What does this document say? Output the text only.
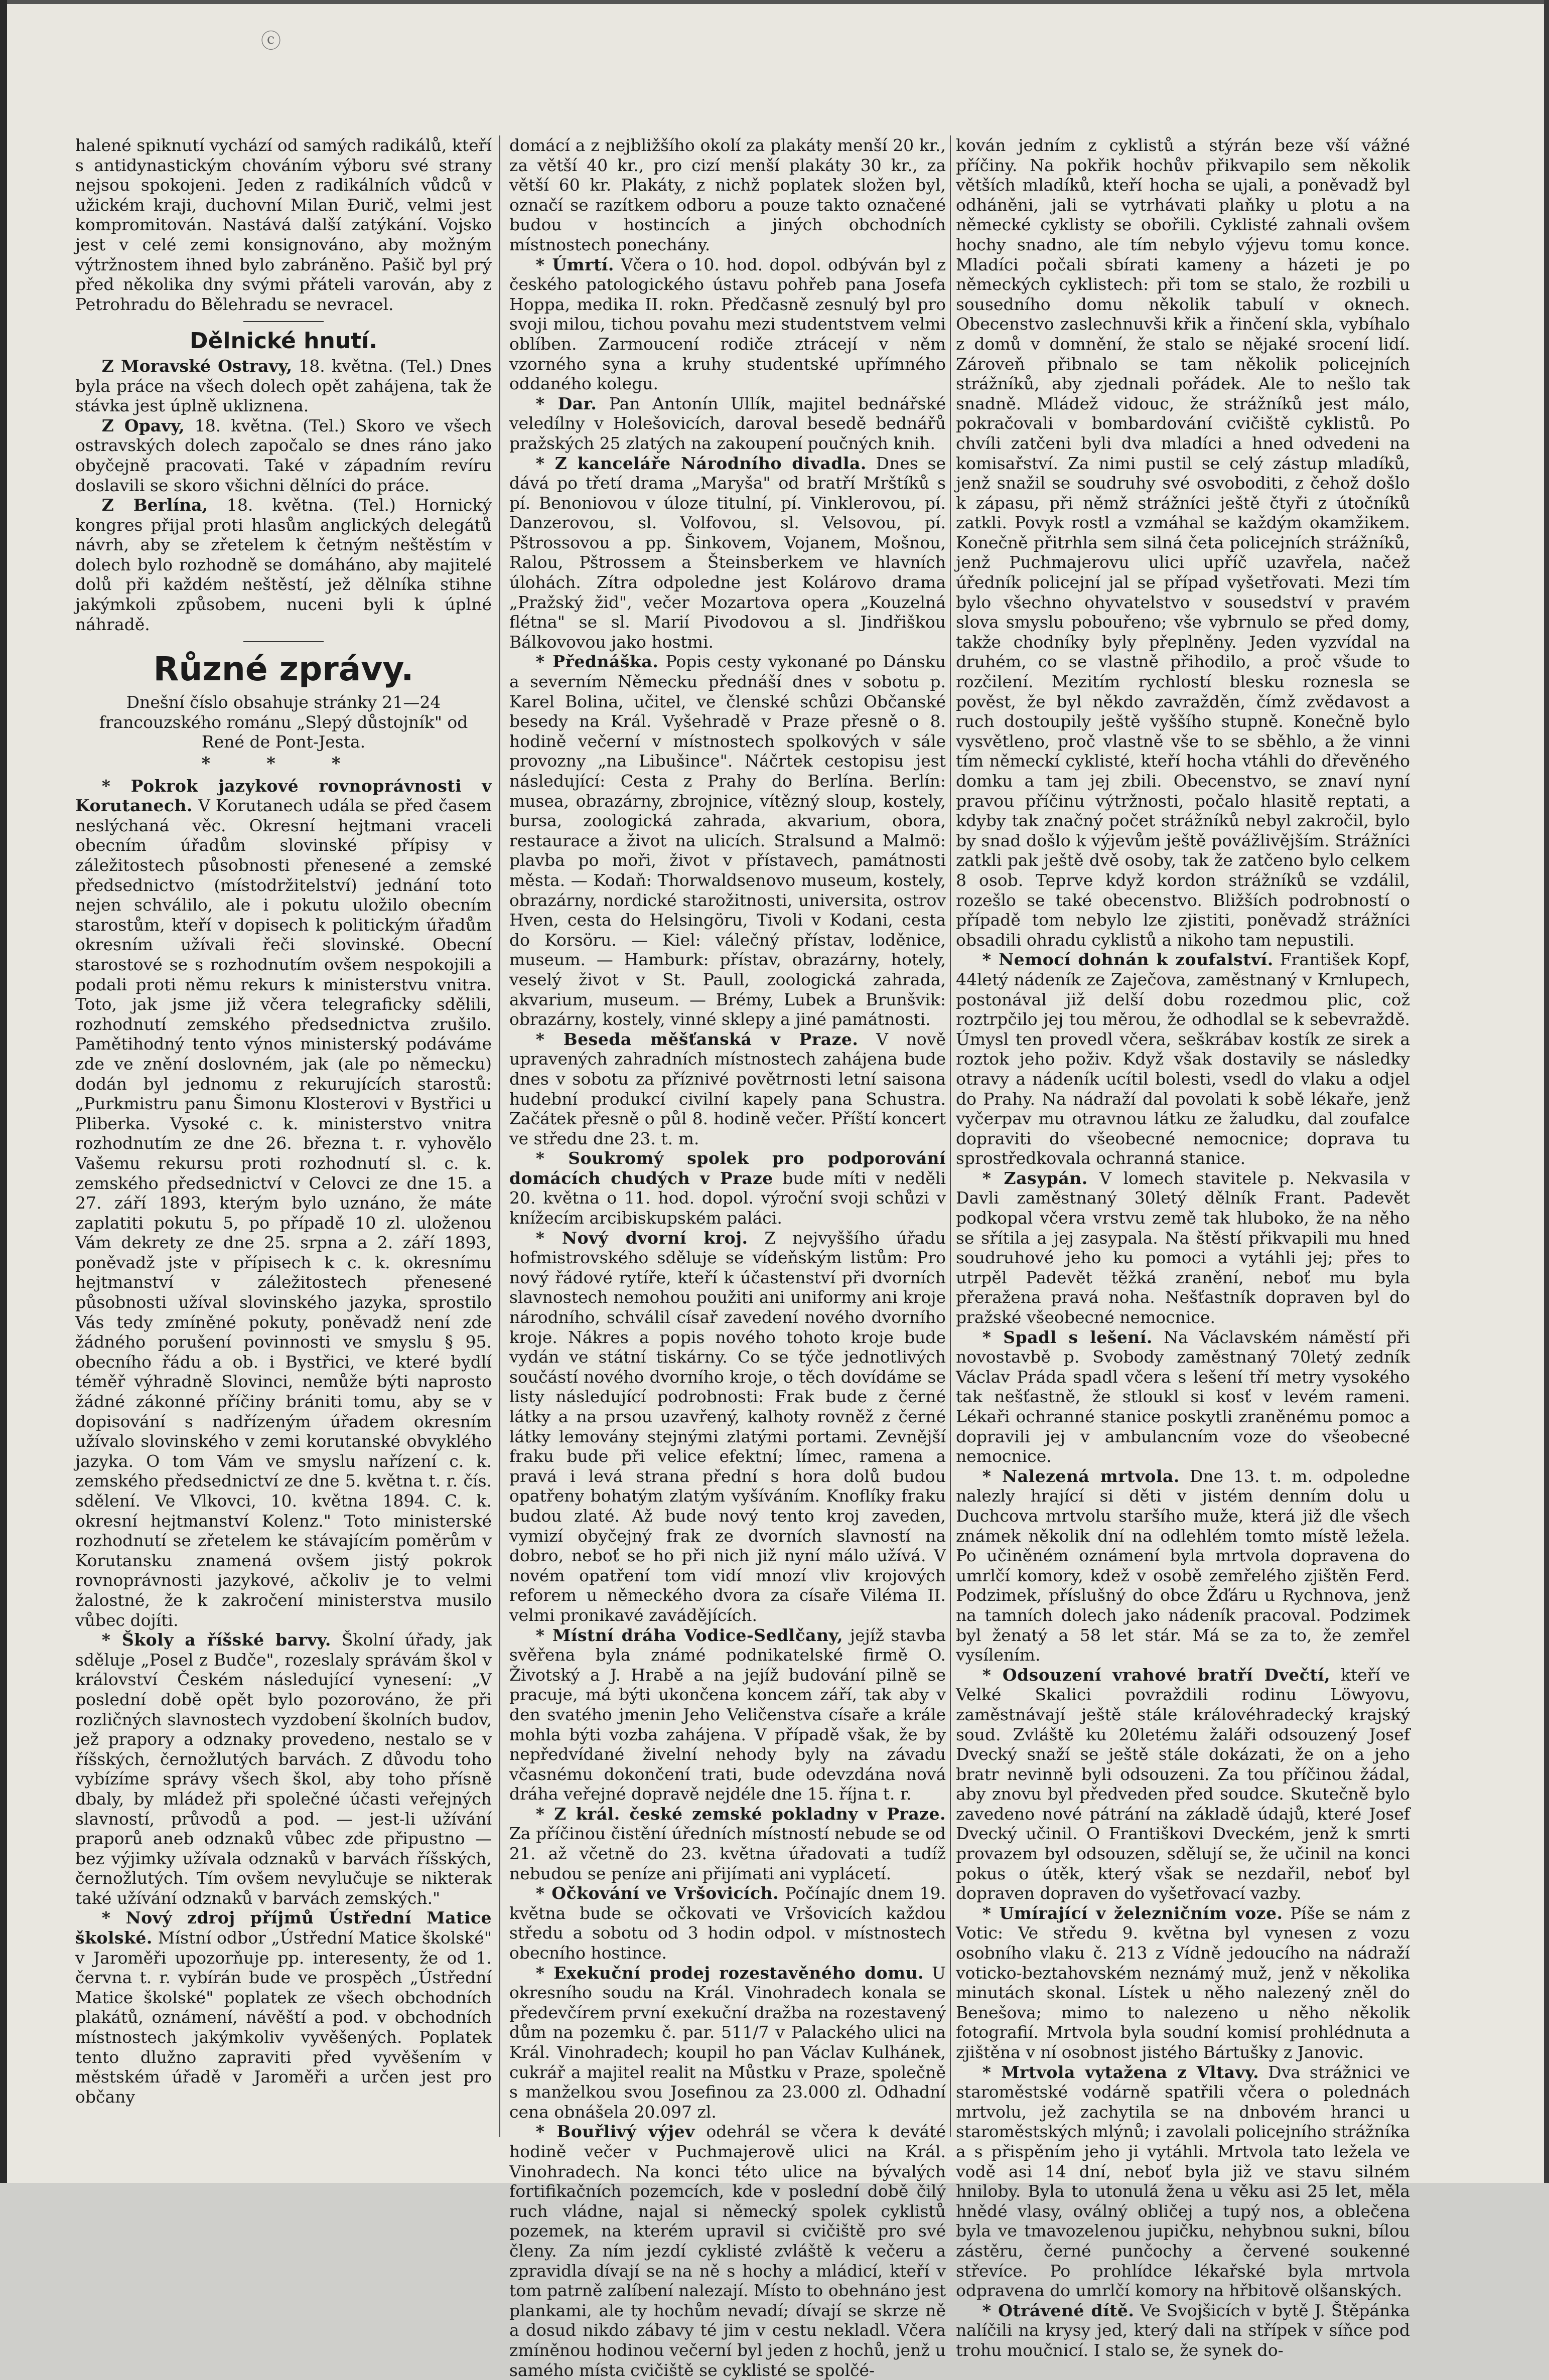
ⓒ

halené spiknutí vychází od samých radikálů, kteří s antidynastickým chováním výboru své strany nejsou spokojeni. Jeden z radikálních vůdců v užickém kraji, duchovní Milan Đurič, velmi jest kompromitován. Nastává další zatýkání. Vojsko jest v celé zemi konsignováno, aby možným výtržnostem ihned bylo zabráněno. Pašič byl prý před několika dny svými přáteli varován, aby z Petrohradu do Bělehradu se nevracel.

Dělnické hnutí.

Z Moravské Ostravy, 18. května. (Tel.) Dnes byla práce na všech dolech opět zahájena, tak že stávka jest úplně ukliznena.

Z Opavy, 18. května. (Tel.) Skoro ve všech ostravských dolech započalo se dnes ráno jako obyčejně pracovati. Také v západním revíru doslavili se skoro všichni dělníci do práce.

Z Berlína, 18. května. (Tel.) Hornický kongres přijal proti hlasům anglických delegátů návrh, aby se zřetelem k četným neštěstím v dolech bylo rozhodně se domáháno, aby majitelé dolů při každém neštěstí, jež dělníka stihne jakýmkoli způsobem, nuceni byli k úplné náhradě.

Různé zprávy.

Dnešní číslo obsahuje stránky 21—24 francouzského románu „Slepý důstojník" od René de Pont-Jesta.

* * *

* Pokrok jazykové rovnoprávnosti v Korutanech. V Korutanech udála se před časem neslýchaná věc. Okresní hejtmani vraceli obecním úřadům slovinské přípisy v záležitostech působnosti přenesené a zemské předsednictvo (místodržitelství) jednání toto nejen schválilo, ale i pokutu uložilo obecním starostům, kteří v dopisech k politickým úřadům okresním užívali řeči slovinské. Obecní starostové se s rozhodnutím ovšem nespokojili a podali proti němu rekurs k ministerstvu vnitra. Toto, jak jsme již včera telegraficky sdělili, rozhodnutí zemského předsednictva zrušilo. Pamětihodný tento výnos ministerský podáváme zde ve znění doslovném, jak (ale po německu) dodán byl jednomu z rekurujících starostů: „Purkmistru panu Šimonu Klosterovi v Bystřici u Pliberka. Vysoké c. k. ministerstvo vnitra rozhodnutím ze dne 26. března t. r. vyhovělo Vašemu rekursu proti rozhodnutí sl. c. k. zemského předsednictví v Celovci ze dne 15. a 27. září 1893, kterým bylo uznáno, že máte zaplatiti pokutu 5, po případě 10 zl. uloženou Vám dekrety ze dne 25. srpna a 2. září 1893, poněvadž jste v přípisech k c. k. okresnímu hejtmanství v záležitostech přenesené působnosti užíval slovinského jazyka, sprostilo Vás tedy zmíněné pokuty, poněvadž není zde žádného porušení povinnosti ve smyslu § 95. obecního řádu a ob. i Bystřici, ve které bydlí téměř výhradně Slovinci, nemůže býti naprosto žádné zákonné příčiny brániti tomu, aby se v dopisování s nadřízeným úřadem okresním užívalo slovinského v zemi korutanské obvyklého jazyka. O tom Vám ve smyslu nařízení c. k. zemského předsednictví ze dne 5. května t. r. čís. sdělení. Ve Vlkovci, 10. května 1894. C. k. okresní hejtmanství Kolenz." Toto ministerské rozhodnutí se zřetelem ke stávajícím poměrům v Korutansku znamená ovšem jistý pokrok rovnoprávnosti jazykové, ačkoliv je to velmi žalostné, že k zakročení ministerstva musilo vůbec dojíti.

* Školy a říšské barvy. Školní úřady, jak sděluje „Posel z Budče", rozeslaly správám škol v království Českém následující vynesení: „V poslední době opět bylo pozorováno, že při rozličných slavnostech vyzdobení školních budov, jež prapory a odznaky provedeno, nestalo se v říšských, černožlutých barvách. Z důvodu toho vybízíme správy všech škol, aby toho přísně dbaly, by mládež při společné účasti veřejných slavností, průvodů a pod. — jest-li užívání praporů aneb odznaků vůbec zde připustno — bez výjimky užívala odznaků v barvách říšských, černožlutých. Tím ovšem nevylučuje se nikterak také užívání odznaků v barvách zemských."

* Nový zdroj příjmů Ústřední Matice školské. Místní odbor „Ústřední Matice školské" v Jaroměři upozorňuje pp. interesenty, že od 1. června t. r. vybírán bude ve prospěch „Ústřední Matice školské" poplatek ze všech obchodních plakátů, oznámení, návěští a pod. v obchodních místnostech jakýmkoliv vyvěšených. Poplatek tento dlužno zapraviti před vyvěšením v městském úřadě v Jaroměři a určen jest pro občany

domácí a z nejbližšího okolí za plakáty menší 20 kr., za větší 40 kr., pro cizí menší plakáty 30 kr., za větší 60 kr. Plakáty, z nichž poplatek složen byl, označí se razítkem odboru a pouze takto označené budou v hostincích a jiných obchodních místnostech ponechány.

* Úmrtí. Včera o 10. hod. dopol. odbýván byl z českého patologického ústavu pohřeb pana Josefa Hoppa, medika II. rokn. Předčasně zesnulý byl pro svoji milou, tichou povahu mezi studentstvem velmi oblíben. Zarmoucení rodiče ztrácejí v něm vzorného syna a kruhy studentské upřímného oddaného kolegu.

* Dar. Pan Antonín Ullík, majitel bednářské veledílny v Holešovicích, daroval besedě bednářů pražských 25 zlatých na zakoupení poučných knih.

* Z kanceláře Národního divadla. Dnes se dává po třetí drama „Maryša" od bratří Mrštíků s pí. Benoniovou v úloze titulní, pí. Vinklerovou, pí. Danzerovou, sl. Volfovou, sl. Velsovou, pí. Pštrossovou a pp. Šinkovem, Vojanem, Mošnou, Ralou, Pštrossem a Šteinsberkem ve hlavních úlohách. Zítra odpoledne jest Kolárovo drama „Pražský žid", večer Mozartova opera „Kouzelná flétna" se sl. Marií Pivodovou a sl. Jindřiškou Bálkovovou jako hostmi.

* Přednáška. Popis cesty vykonané po Dánsku a severním Německu přednáší dnes v sobotu p. Karel Bolina, učitel, ve členské schůzi Občanské besedy na Král. Vyšehradě v Praze přesně o 8. hodině večerní v místnostech spolkových v sále provozny „na Libušince". Náčrtek cestopisu jest následující: Cesta z Prahy do Berlína. Berlín: musea, obrazárny, zbrojnice, vítězný sloup, kostely, bursa, zoologická zahrada, akvarium, obora, restaurace a život na ulicích. Stralsund a Malmö: plavba po moři, život v přístavech, památnosti města. — Kodaň: Thorwaldsenovo museum, kostely, obrazárny, nordické starožitnosti, universita, ostrov Hven, cesta do Helsingöru, Tivoli v Kodani, cesta do Korsöru. — Kiel: válečný přístav, loděnice, museum. — Hamburk: přístav, obrazárny, hotely, veselý život v St. Paull, zoologická zahrada, akvarium, museum. — Brémy, Lubek a Brunšvik: obrazárny, kostely, vinné sklepy a jiné památnosti.

* Beseda měšťanská v Praze. V nově upravených zahradních místnostech zahájena bude dnes v sobotu za příznivé povětrnosti letní saisona hudební produkcí civilní kapely pana Schustra. Začátek přesně o půl 8. hodině večer. Příští koncert ve středu dne 23. t. m.

* Soukromý spolek pro podporování domácích chudých v Praze bude míti v neděli 20. května o 11. hod. dopol. výroční svoji schůzi v knížecím arcibiskupském paláci.

* Nový dvorní kroj. Z nejvyššího úřadu hofmistrovského sděluje se vídeňským listům: Pro nový řádové rytíře, kteří k účastenství při dvorních slavnostech nemohou použiti ani uniformy ani kroje národního, schválil císař zavedení nového dvorního kroje. Nákres a popis nového tohoto kroje bude vydán ve státní tiskárny. Co se týče jednotlivých součástí nového dvorního kroje, o těch dovídáme se listy následující podrobnosti: Frak bude z černé látky a na prsou uzavřený, kalhoty rovněž z černé látky lemovány stejnými zlatými portami. Zevnější fraku bude při velice efektní; límec, ramena a pravá i levá strana přední s hora dolů budou opatřeny bohatým zlatým vyšíváním. Knoflíky fraku budou zlaté. Až bude nový tento kroj zaveden, vymizí obyčejný frak ze dvorních slavností na dobro, neboť se ho při nich již nyní málo užívá. V novém opatření tom vidí mnozí vliv krojových reforem u německého dvora za císaře Viléma II. velmi pronikavé zavádějících.

* Místní dráha Vodice-Sedlčany, jejíž stavba svěřena byla známé podnikatelské firmě O. Životský a J. Hrabě a na jejíž budování pilně se pracuje, má býti ukončena koncem září, tak aby v den svatého jmenin Jeho Veličenstva císaře a krále mohla býti vozba zahájena. V případě však, že by nepředvídané živelní nehody byly na závadu včasnému dokončení trati, bude odevzdána nová dráha veřejné dopravě nejdéle dne 15. října t. r.

* Z král. české zemské pokladny v Praze. Za příčinou čistění úředních místností nebude se od 21. až včetně do 23. května úřadovati a tudíž nebudou se peníze ani přijímati ani vyplácetí.

* Očkování ve Vršovicích. Počínajíc dnem 19. května bude se očkovati ve Vršovicích každou středu a sobotu od 3 hodin odpol. v místnostech obecního hostince.

* Exekuční prodej rozestavěného domu. U okresního soudu na Král. Vinohradech konala se předevčírem první exekuční dražba na rozestavený dům na pozemku č. par. 511/7 v Palackého ulici na Král. Vinohradech; koupil ho pan Václav Kulhánek, cukrář a majitel realit na Můstku v Praze, společně s manželkou svou Josefinou za 23.000 zl. Odhadní cena obnášela 20.097 zl.

* Bouřlivý výjev odehrál se včera k deváté hodině večer v Puchmajerově ulici na Král. Vinohradech. Na konci této ulice na bývalých fortifikačních pozemcích, kde v poslední době čilý ruch vládne, najal si německý spolek cyklistů pozemek, na kterém upravil si cvičiště pro své členy. Za ním jezdí cyklisté zvláště k večeru a zpravidla dívají se na ně s hochy a mládicí, kteří v tom patrně zalíbení nalezají. Místo to obehnáno jest plankami, ale ty hochům nevadí; dívají se skrze ně a dosud nikdo zábavy té jim v cestu nekladl. Včera zmíněnou hodinou večerní byl jeden z hochů, jenž u samého místa cvičiště se cyklisté se spolčé-

kován jedním z cyklistů a stýrán beze vší vážné příčiny. Na pokřik hochův přikvapilo sem několik větších mladíků, kteří hocha se ujali, a poněvadž byl odháněni, jali se vytrhávati plaňky u plotu a na německé cyklisty se obořili. Cyklisté zahnali ovšem hochy snadno, ale tím nebylo výjevu tomu konce. Mladíci počali sbírati kameny a házeti je po německých cyklistech: při tom se stalo, že rozbili u sousedního domu několik tabulí v oknech. Obecenstvo zaslechnuvši křik a řinčení skla, vybíhalo z domů v domnění, že stalo se nějaké srocení lidí. Zároveň přibnalo se tam několik policejních strážníků, aby zjednali pořádek. Ale to nešlo tak snadně. Mládež vidouc, že strážníků jest málo, pokračovali v bombardování cvičiště cyklistů. Po chvíli zatčeni byli dva mladíci a hned odvedeni na komisařství. Za nimi pustil se celý zástup mladíků, jenž snažil se soudruhy své osvoboditi, z čehož došlo k zápasu, při němž strážníci ještě čtyři z útočníků zatkli. Povyk rostl a vzmáhal se každým okamžikem. Konečně přitrhla sem silná četa policejních strážníků, jenž Puchmajerovu ulici upříč uzavřela, načež úředník policejní jal se případ vyšetřovati. Mezi tím bylo všechno ohyvatelstvo v sousedství v pravém slova smyslu pobouřeno; vše vybrnulo se před domy, takže chodníky byly přeplněny. Jeden vyzvídal na druhém, co se vlastně přihodilo, a proč všude to rozčilení. Mezitím rychlostí blesku roznesla se pověst, že byl někdo zavražděn, čímž zvědavost a ruch dostoupily ještě vyššího stupně. Konečně bylo vysvětleno, proč vlastně vše to se sběhlo, a že vinni tím německí cyklisté, kteří hocha vtáhli do dřevěného domku a tam jej zbili. Obecenstvo, se znaví nyní pravou příčinu výtržnosti, počalo hlasitě reptati, a kdyby tak značný počet strážníků nebyl zakročil, bylo by snad došlo k výjevům ještě povážlivějším. Strážníci zatkli pak ještě dvě osoby, tak že zatčeno bylo celkem 8 osob. Teprve když kordon strážníků se vzdálil, rozešlo se také obecenstvo. Bližších podrobností o případě tom nebylo lze zjistiti, poněvadž strážníci obsadili ohradu cyklistů a nikoho tam nepustili.

* Nemocí dohnán k zoufalství. František Kopf, 44letý nádeník ze Zaječova, zaměstnaný v Krnlupech, postonával již delší dobu rozedmou plic, což roztrpčilo jej tou měrou, že odhodlal se k sebevraždě. Úmysl ten provedl včera, seškrábav kostík ze sirek a roztok jeho poživ. Když však dostavily se následky otravy a nádeník ucítil bolesti, vsedl do vlaku a odjel do Prahy. Na nádraží dal povolati k sobě lékaře, jenž vyčerpav mu otravnou látku ze žaludku, dal zoufalce dopraviti do všeobecné nemocnice; doprava tu sprostředkovala ochranná stanice.

* Zasypán. V lomech stavitele p. Nekvasila v Davli zaměstnaný 30letý dělník Frant. Padevět podkopal včera vrstvu země tak hluboko, že na něho se sřítila a jej zasypala. Na štěstí přikvapili mu hned soudruhové jeho ku pomoci a vytáhli jej; přes to utrpěl Padevět těžká zranění, neboť mu byla přeražena pravá noha. Nešťastník dopraven byl do pražské všeobecné nemocnice.

* Spadl s lešení. Na Václavském náměstí při novostavbě p. Svobody zaměstnaný 70letý zedník Václav Práda spadl včera s lešení tří metry vysokého tak nešťastně, že stloukl si kosť v levém rameni. Lékaři ochranné stanice poskytli zraněnému pomoc a dopravili jej v ambulancním voze do všeobecné nemocnice.

* Nalezená mrtvola. Dne 13. t. m. odpoledne nalezly hrající si děti v jistém denním dolu u Duchcova mrtvolu staršího muže, která již dle všech známek několik dní na odlehlém tomto místě ležela. Po učiněném oznámení byla mrtvola dopravena do umrlčí komory, kdež v osobě zemřelého zjištěn Ferd. Podzimek, příslušný do obce Žďáru u Rychnova, jenž na tamních dolech jako nádeník pracoval. Podzimek byl ženatý a 58 let stár. Má se za to, že zemřel vysílením.

* Odsouzení vrahové bratří Dvečtí, kteří ve Velké Skalici povraždili rodinu Löwyovu, zaměstnávají ještě stále královéhradecký krajský soud. Zvláště ku 20letému žaláři odsouzený Josef Dvecký snaží se ještě stále dokázati, že on a jeho bratr nevinně byli odsouzeni. Za tou příčinou žádal, aby znovu byl předveden před soudce. Skutečně bylo zavedeno nové pátrání na základě údajů, které Josef Dvecký učinil. O Františkovi Dveckém, jenž k smrti provazem byl odsouzen, sdělují se, že učinil na konci pokus o útěk, který však se nezdařil, neboť byl dopraven dopraven do vyšetřovací vazby.

* Umírající v železničním voze. Píše se nám z Votic: Ve středu 9. května byl vynesen z vozu osobního vlaku č. 213 z Vídně jedoucího na nádraží voticko-beztahovském neznámý muž, jenž v několika minutách skonal. Lístek u něho nalezený zněl do Benešova; mimo to nalezeno u něho několik fotografií. Mrtvola byla soudní komisí prohlédnuta a zjištěna v ní osobnost jistého Bártušky z Janovic.

* Mrtvola vytažena z Vltavy. Dva strážnici ve staroměstské vodárně spatřili včera o polednách mrtvolu, jež zachytila se na dnbovém hranci u staroměstských mlýnů; i zavolali policejního strážníka a s přispěním jeho ji vytáhli. Mrtvola tato ležela ve vodě asi 14 dní, neboť byla již ve stavu silném hniloby. Byla to utonulá žena u věku asi 25 let, měla hnědé vlasy, oválný obličej a tupý nos, a oblečena byla ve tmavozelenou jupičku, nehybnou sukni, bílou zástěru, černé punčochy a červené soukenné střevíce. Po prohlídce lékařské byla mrtvola odpravena do umrlčí komory na hřbitově olšanských.

* Otrávené dítě. Ve Svojšicích v bytě J. Štěpánka nalíčili na krysy jed, který dali na střípek v síňce pod trohu moučnicí. I stalo se, že synek do-
